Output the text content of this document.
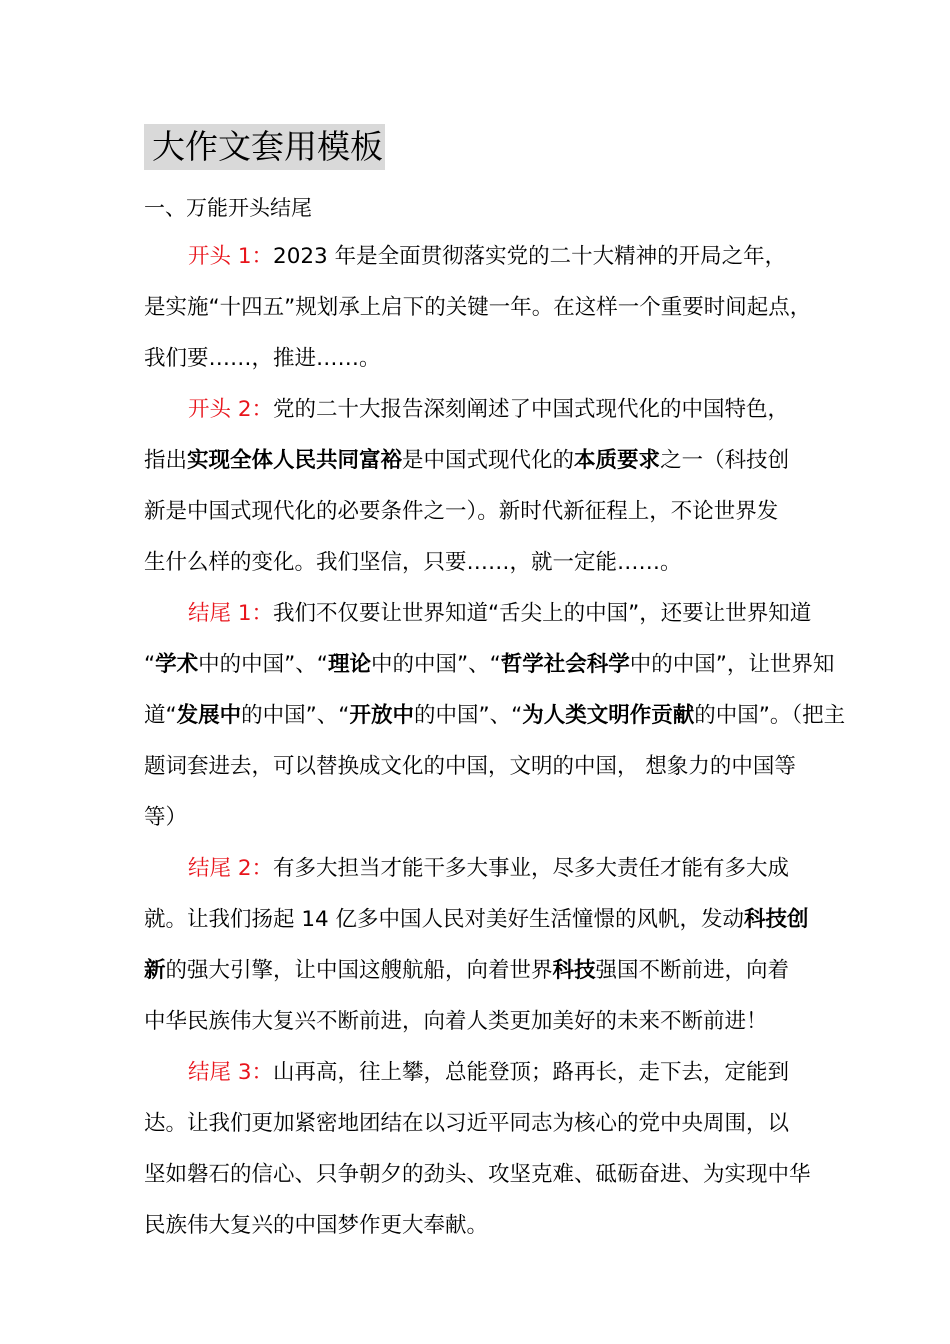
大作文套用模板
一、万能开头结尾
开头 1：2023 年是全面贯彻落实党的二十大精神的开局之年，
是实施“十四五”规划承上启下的关键一年。在这样一个重要时间起点，
我们要……，推进……。
开头 2：党的二十大报告深刻阐述了中国式现代化的中国特色，
指出实现全体人民共同富裕是中国式现代化的本质要求之一（科技创
新是中国式现代化的必要条件之一）。新时代新征程上，不论世界发
生什么样的变化。我们坚信，只要……，就一定能……。
结尾 1：我们不仅要让世界知道“舌尖上的中国”，还要让世界知道
“学术中的中国”、“理论中的中国”、“哲学社会科学中的中国”，让世界知
道“发展中的中国”、“开放中的中国”、“为人类文明作贡献的中国”。（把主
题词套进去，可以替换成文化的中国，文明的中国， 想象力的中国等
等）
结尾 2：有多大担当才能干多大事业，尽多大责任才能有多大成
就。让我们扬起 14 亿多中国人民对美好生活憧憬的风帆，发动科技创
新的强大引擎，让中国这艘航船，向着世界科技强国不断前进，向着
中华民族伟大复兴不断前进，向着人类更加美好的未来不断前进！
结尾 3：山再高，往上攀，总能登顶；路再长，走下去，定能到
达。让我们更加紧密地团结在以习近平同志为核心的党中央周围，以
坚如磐石的信心、只争朝夕的劲头、攻坚克难、砥砺奋进、为实现中华
民族伟大复兴的中国梦作更大奉献。
